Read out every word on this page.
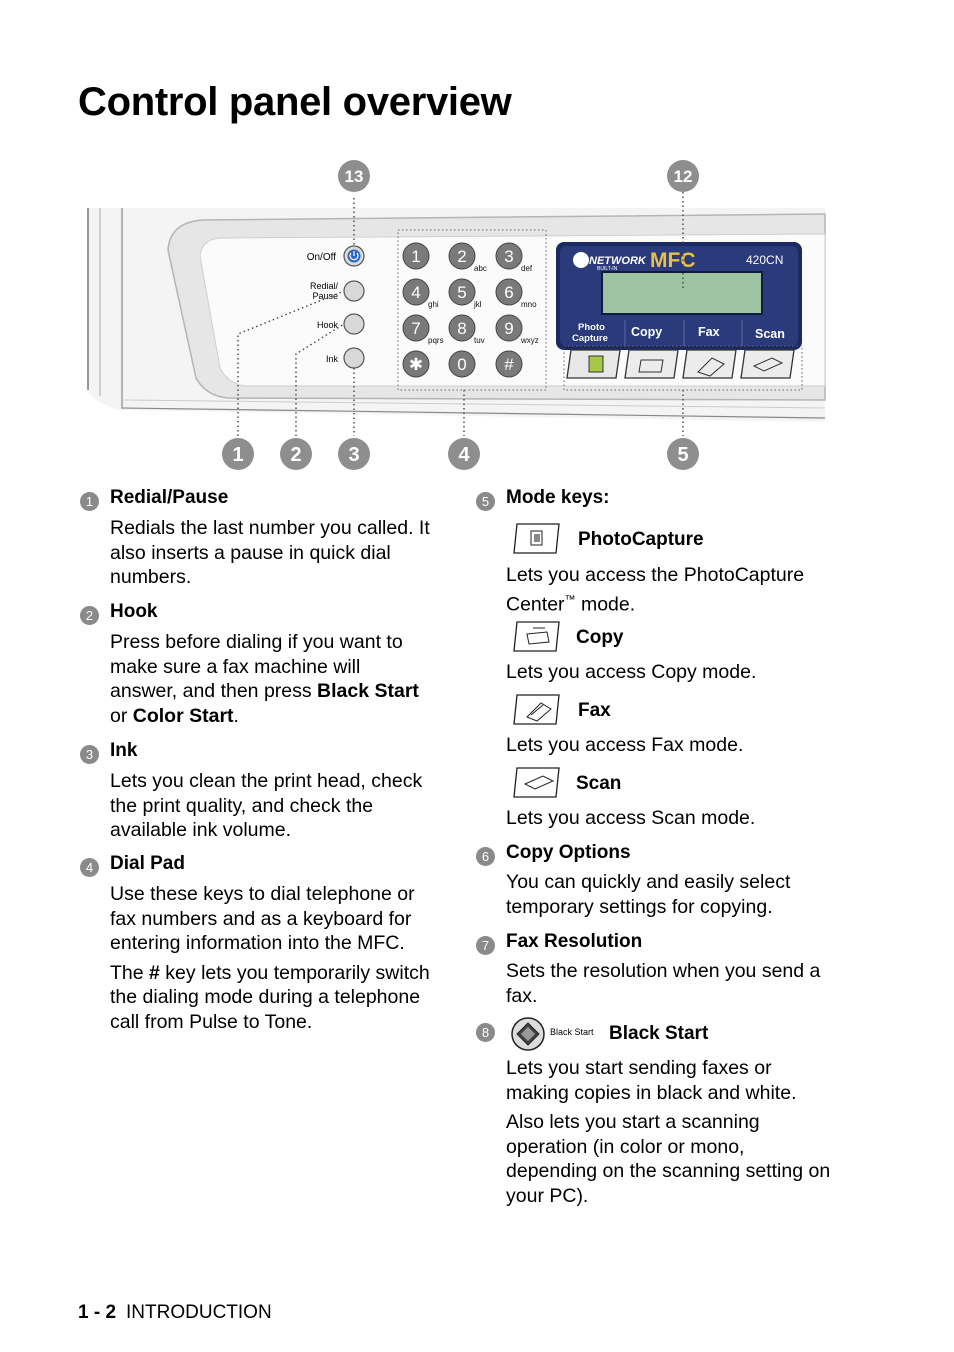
Control panel overview
On/Off
Redial/
Pause
Hook
Ink
1 2
abc
3
def
4
ghi
5
jkl
6
mno
7
pqrs
8
tuv
9
wxyz
✱ 0 #
NETWORK
BUILT-IN MFC	420CN
Photo
Capture Copy	Fax	Scan
13	12
1 2 3	4	5
1 Redial/Pause

Redials the last number you called. It also inserts a pause in quick dial numbers.

2 Hook

Press before dialing if you want to make sure a fax machine will answer, and then press Black Start or Color Start.

3 Ink

Lets you clean the print head, check the print quality, and check the available ink volume.

4 Dial Pad

Use these keys to dial telephone or fax numbers and as a keyboard for entering information into the MFC.

The # key lets you temporarily switch the dialing mode during a telephone call from Pulse to Tone.

5 Mode keys:
PhotoCapture

Lets you access the PhotoCapture Center™ mode.

Copy

Lets you access Copy mode.

Fax

Lets you access Fax mode.

Scan

Lets you access Scan mode.

6 Copy Options

You can quickly and easily select temporary settings for copying.

7 Fax Resolution

Sets the resolution when you send a fax.

8	Black Start Black Start

Lets you start sending faxes or making copies in black and white.

Also lets you start a scanning operation (in color or mono, depending on the scanning setting on your PC).

1 - 2 INTRODUCTION
